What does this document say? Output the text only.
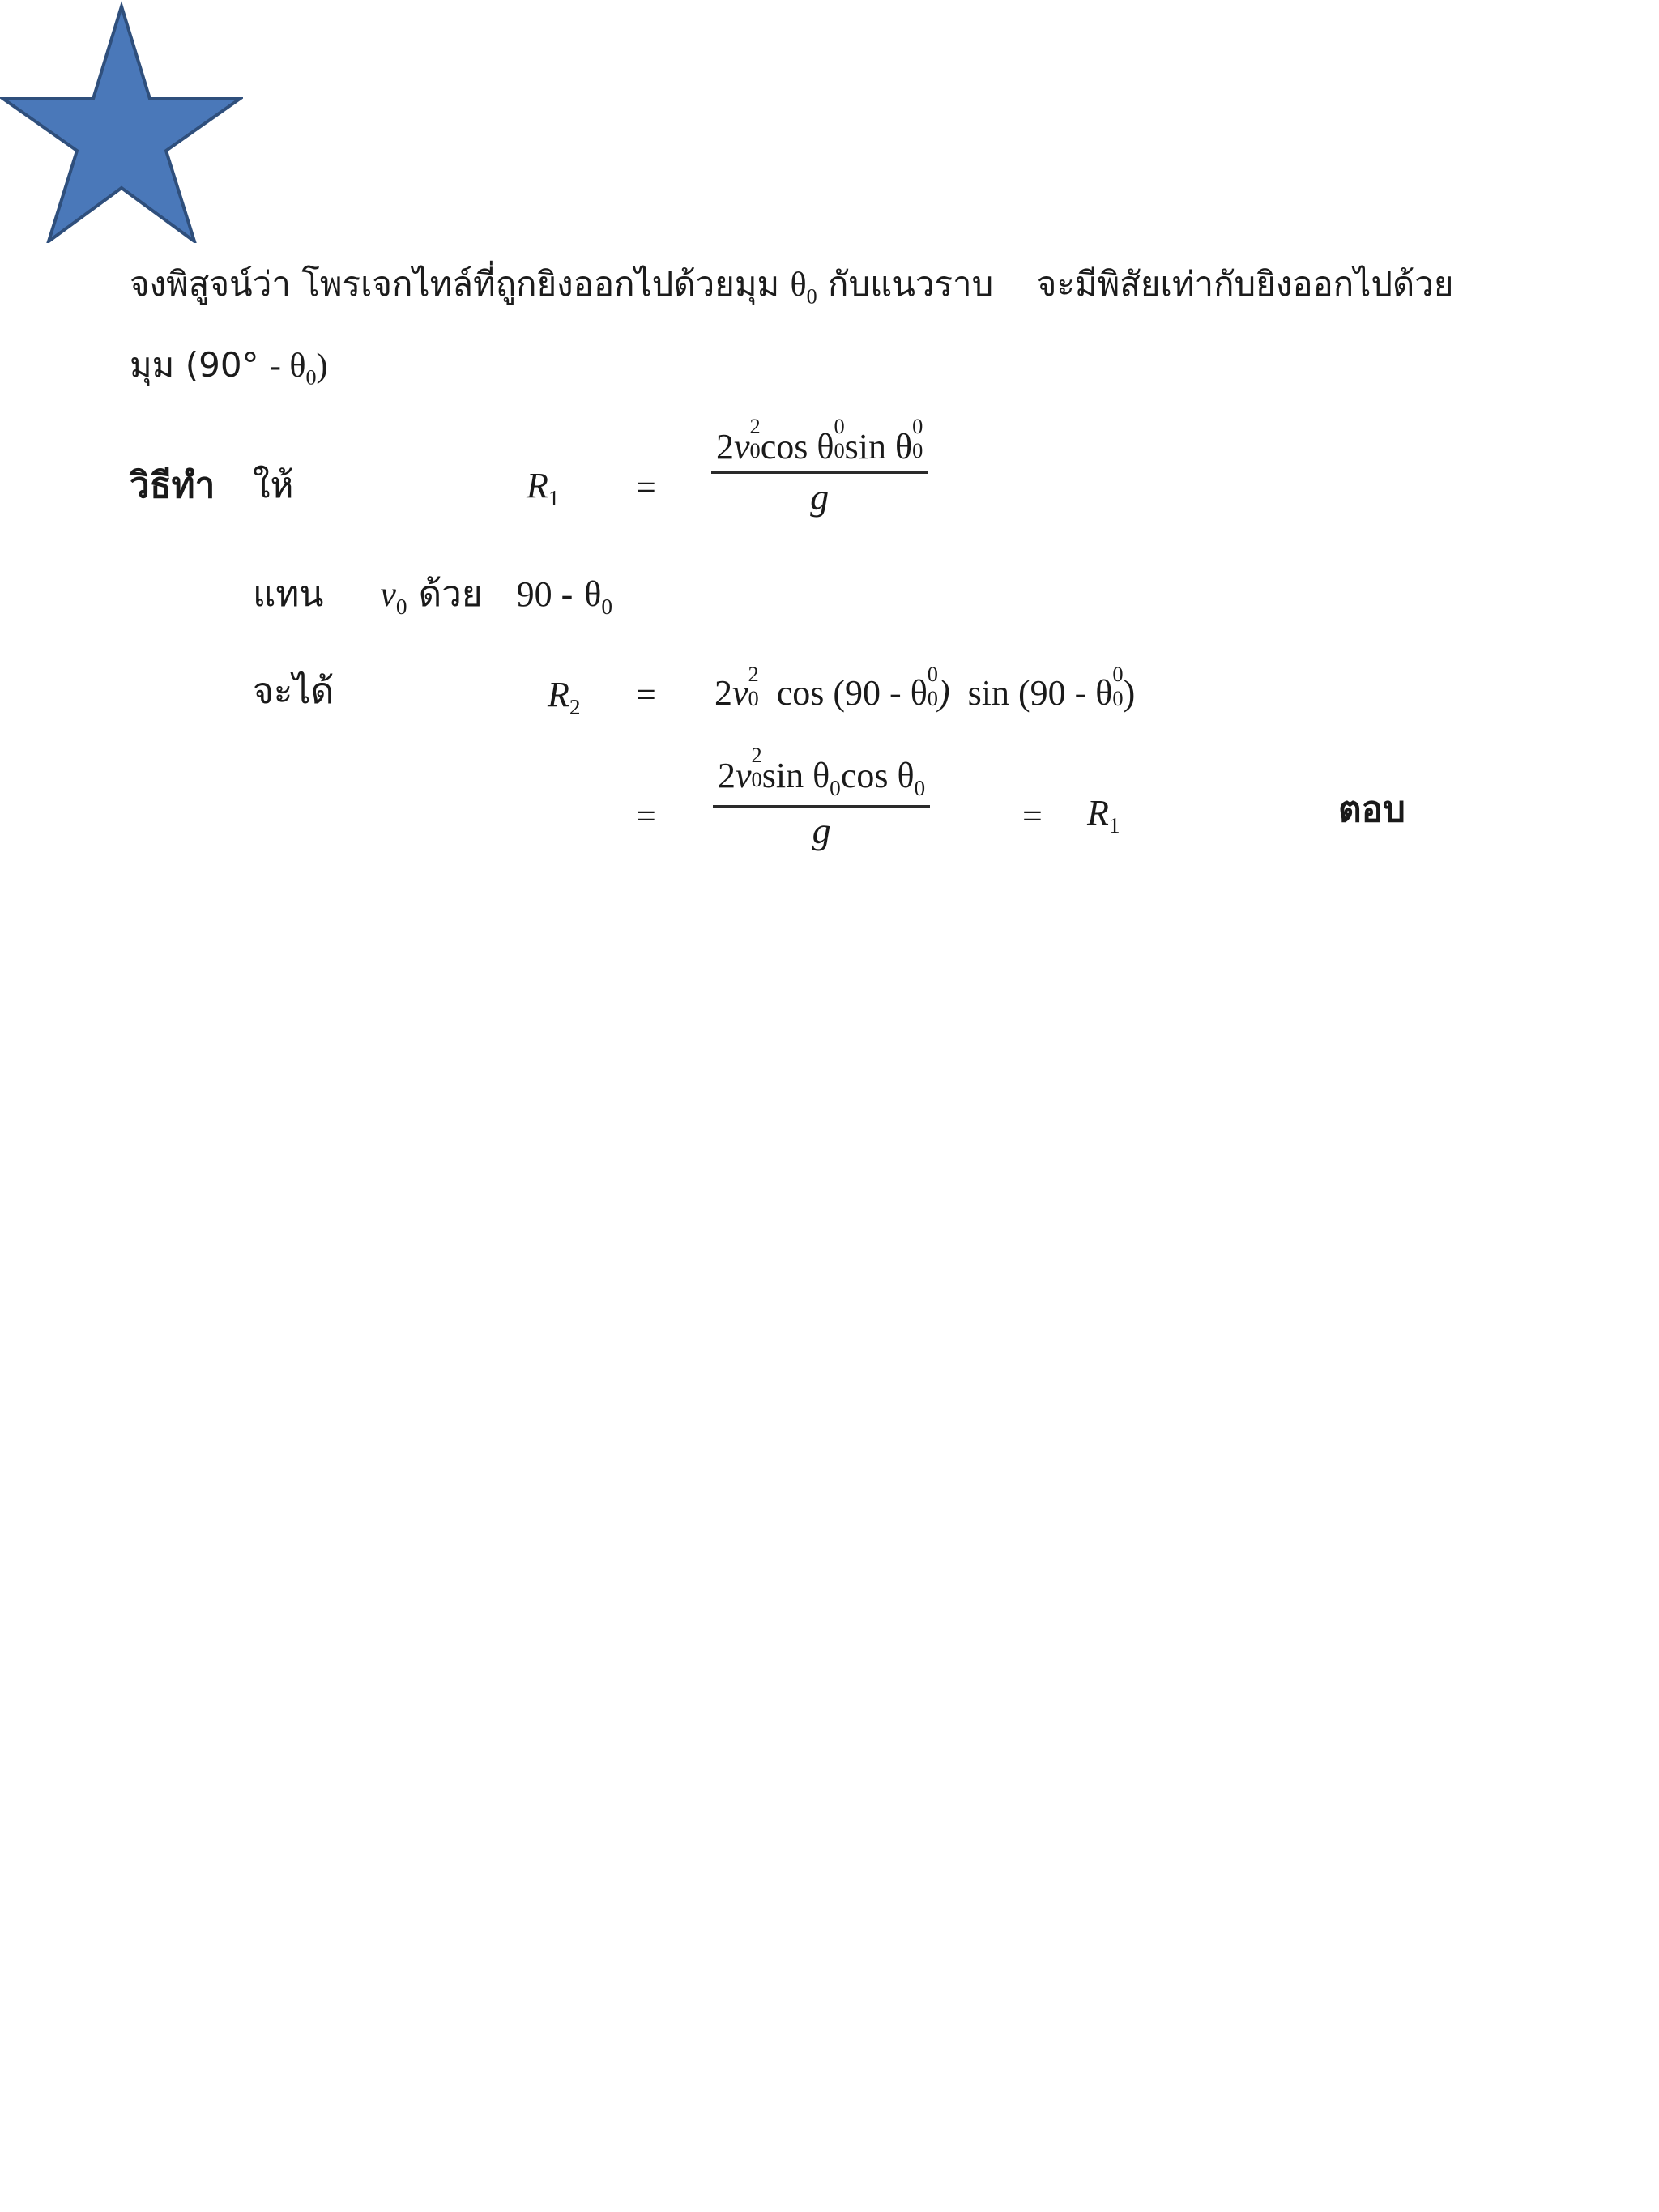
จงพิสูจน์ว่า โพรเจกไทล์ที่ถูกยิงออกไปด้วยมุม $\theta_0$ กับแนวราบ จะมีพิสัยเท่ากับยิงออกไปด้วย
มุม $(90^\circ - \theta_0)$
วิธีทำ ให้	$R_1 = 2v$
2
0 cos θ
0
0 sin θ
0
0
g
แทน $v_0$ ด้วย $90 - \theta_0$
จะได้	$R_2 = 2v$ 2
0 cos (90 - θ 0
0 ) sin (90 - θ 0
0 )
= 2v
2
0 $\sin \theta_0\cos$ $\theta_0$
g	= $R_1$	ตอบ
